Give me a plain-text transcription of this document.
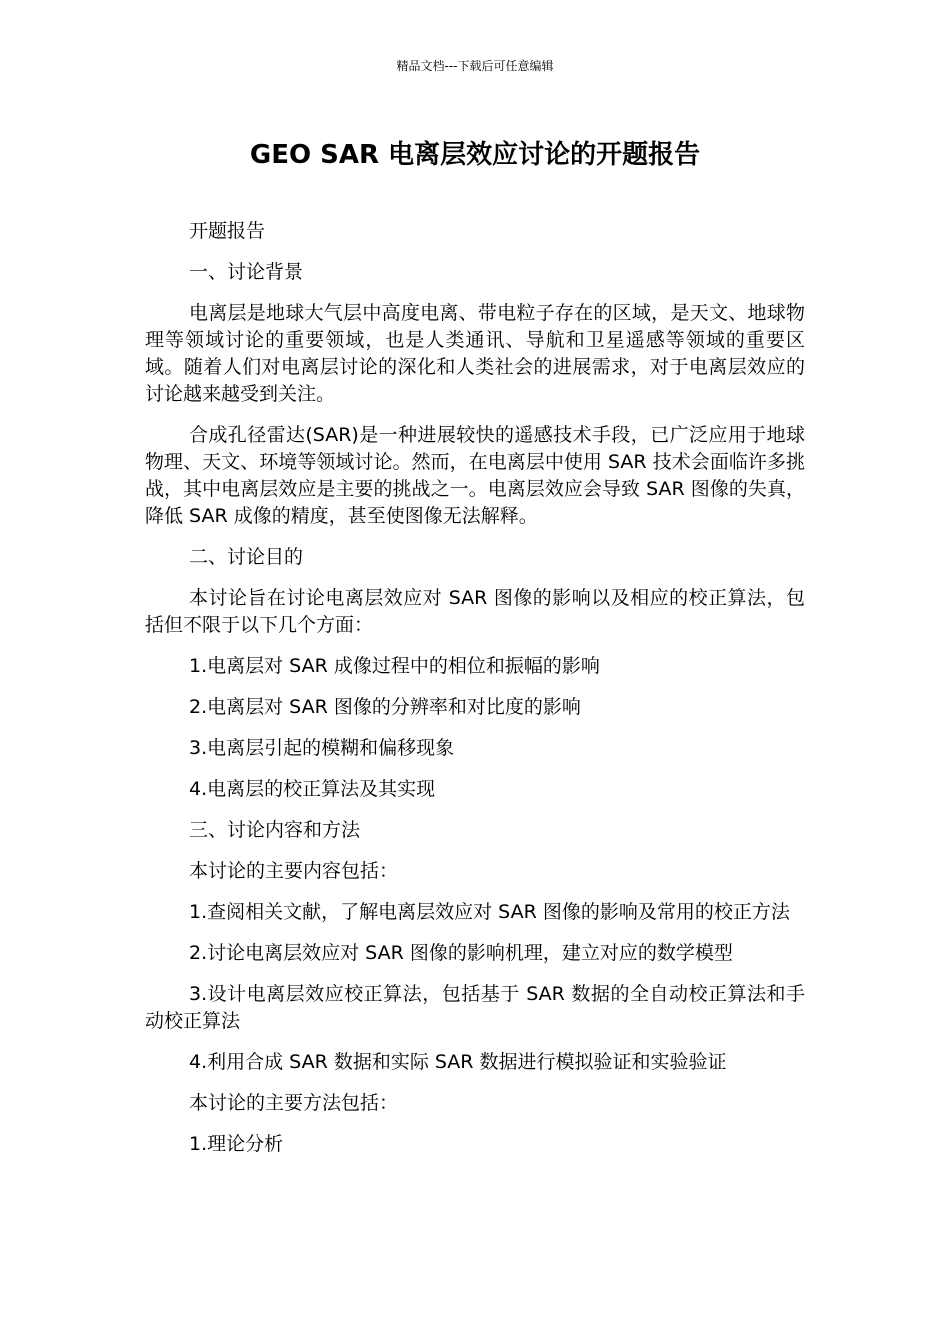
精品文档---下载后可任意编辑
GEO SAR 电离层效应讨论的开题报告

开题报告

一、讨论背景

电离层是地球大气层中高度电离、带电粒子存在的区域，是天文、地球物理等领域讨论的重要领域，也是人类通讯、导航和卫星遥感等领域的重要区域。随着人们对电离层讨论的深化和人类社会的进展需求，对于电离层效应的讨论越来越受到关注。

合成孔径雷达(SAR)是一种进展较快的遥感技术手段，已广泛应用于地球物理、天文、环境等领域讨论。然而，在电离层中使用 SAR 技术会面临许多挑战，其中电离层效应是主要的挑战之一。电离层效应会导致 SAR 图像的失真，降低 SAR 成像的精度，甚至使图像无法解释。

二、讨论目的

本讨论旨在讨论电离层效应对 SAR 图像的影响以及相应的校正算法，包括但不限于以下几个方面：

1.电离层对 SAR 成像过程中的相位和振幅的影响

2.电离层对 SAR 图像的分辨率和对比度的影响

3.电离层引起的模糊和偏移现象

4.电离层的校正算法及其实现

三、讨论内容和方法

本讨论的主要内容包括：

1.查阅相关文献，了解电离层效应对 SAR 图像的影响及常用的校正方法

2.讨论电离层效应对 SAR 图像的影响机理，建立对应的数学模型

3.设计电离层效应校正算法，包括基于 SAR 数据的全自动校正算法和手动校正算法

4.利用合成 SAR 数据和实际 SAR 数据进行模拟验证和实验验证

本讨论的主要方法包括：

1.理论分析
